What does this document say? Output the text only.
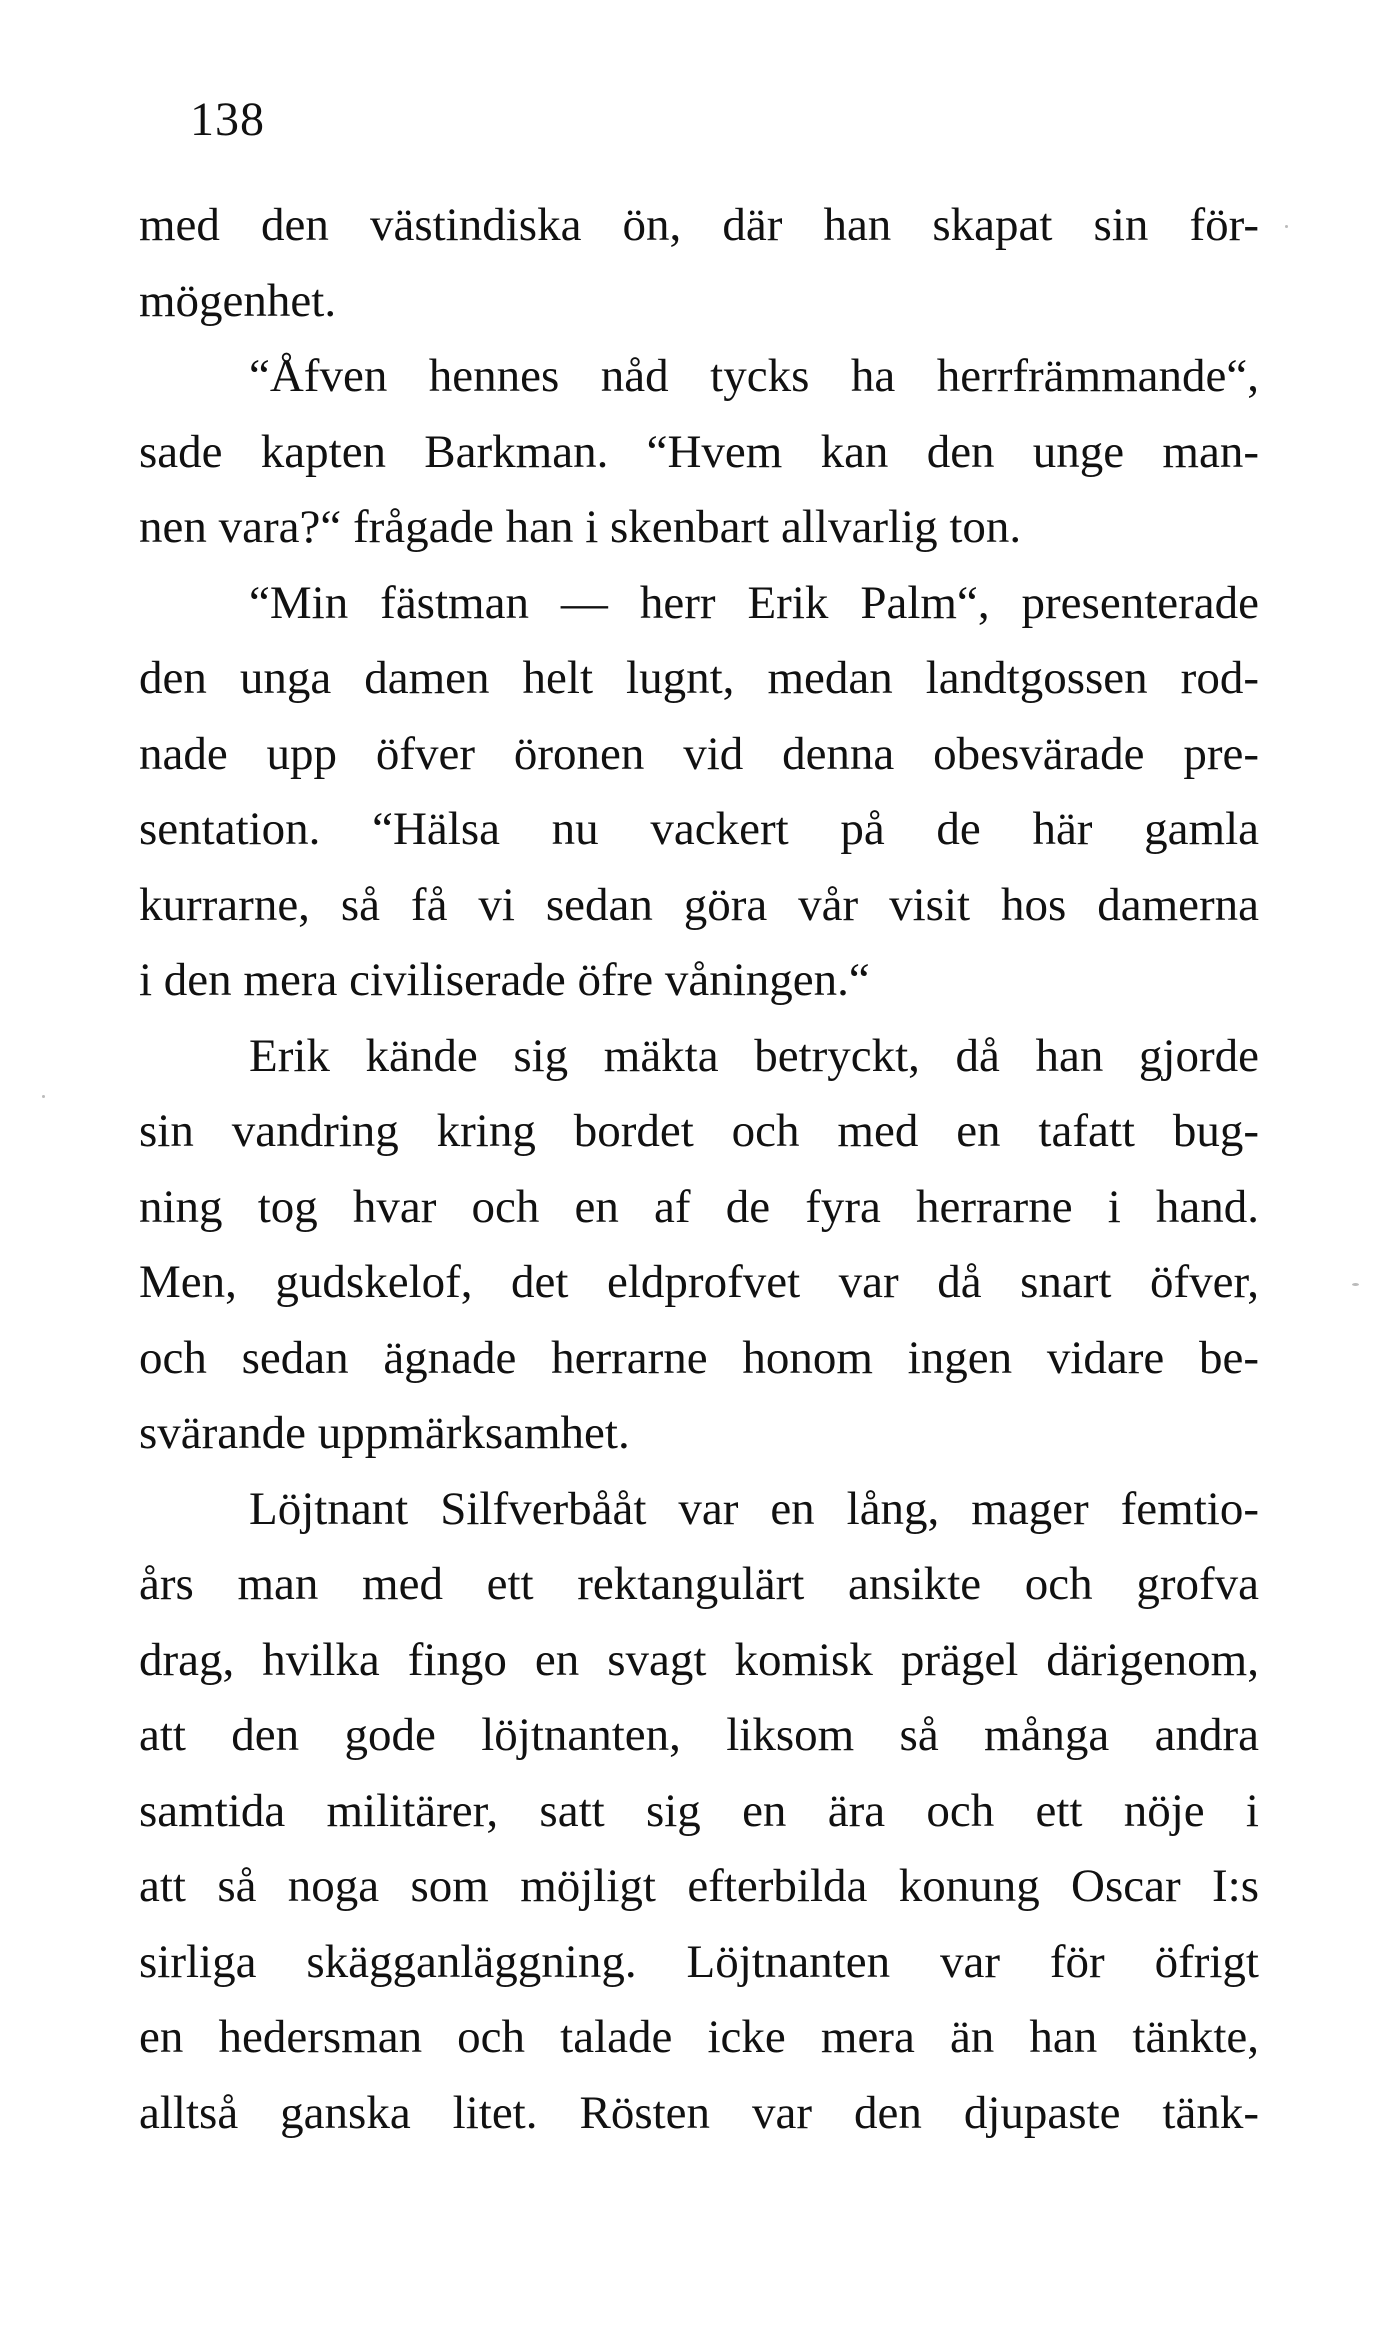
138
med den västindiska ön, där han skapat sin för-
mögenhet.
“Åfven hennes nåd tycks ha herrfrämmande“,
sade kapten Barkman. “Hvem kan den unge man-
nen vara?“ frågade han i skenbart allvarlig ton.
“Min fästman — herr Erik Palm“, presenterade
den unga damen helt lugnt, medan landtgossen rod-
nade upp öfver öronen vid denna obesvärade pre-
sentation. “Hälsa nu vackert på de här gamla
kurrarne, så få vi sedan göra vår visit hos damerna
i den mera civiliserade öfre våningen.“
Erik kände sig mäkta betryckt, då han gjorde
sin vandring kring bordet och med en tafatt bug-
ning tog hvar och en af de fyra herrarne i hand.
Men, gudskelof, det eldprofvet var då snart öfver,
och sedan ägnade herrarne honom ingen vidare be-
svärande uppmärksamhet.
Löjtnant Silfverbååt var en lång, mager femtio-
års man med ett rektangulärt ansikte och grofva
drag, hvilka fingo en svagt komisk prägel därigenom,
att den gode löjtnanten, liksom så många andra
samtida militärer, satt sig en ära och ett nöje i
att så noga som möjligt efterbilda konung Oscar I:s
sirliga skägganläggning. Löjtnanten var för öfrigt
en hedersman och talade icke mera än han tänkte,
alltså ganska litet. Rösten var den djupaste tänk-
